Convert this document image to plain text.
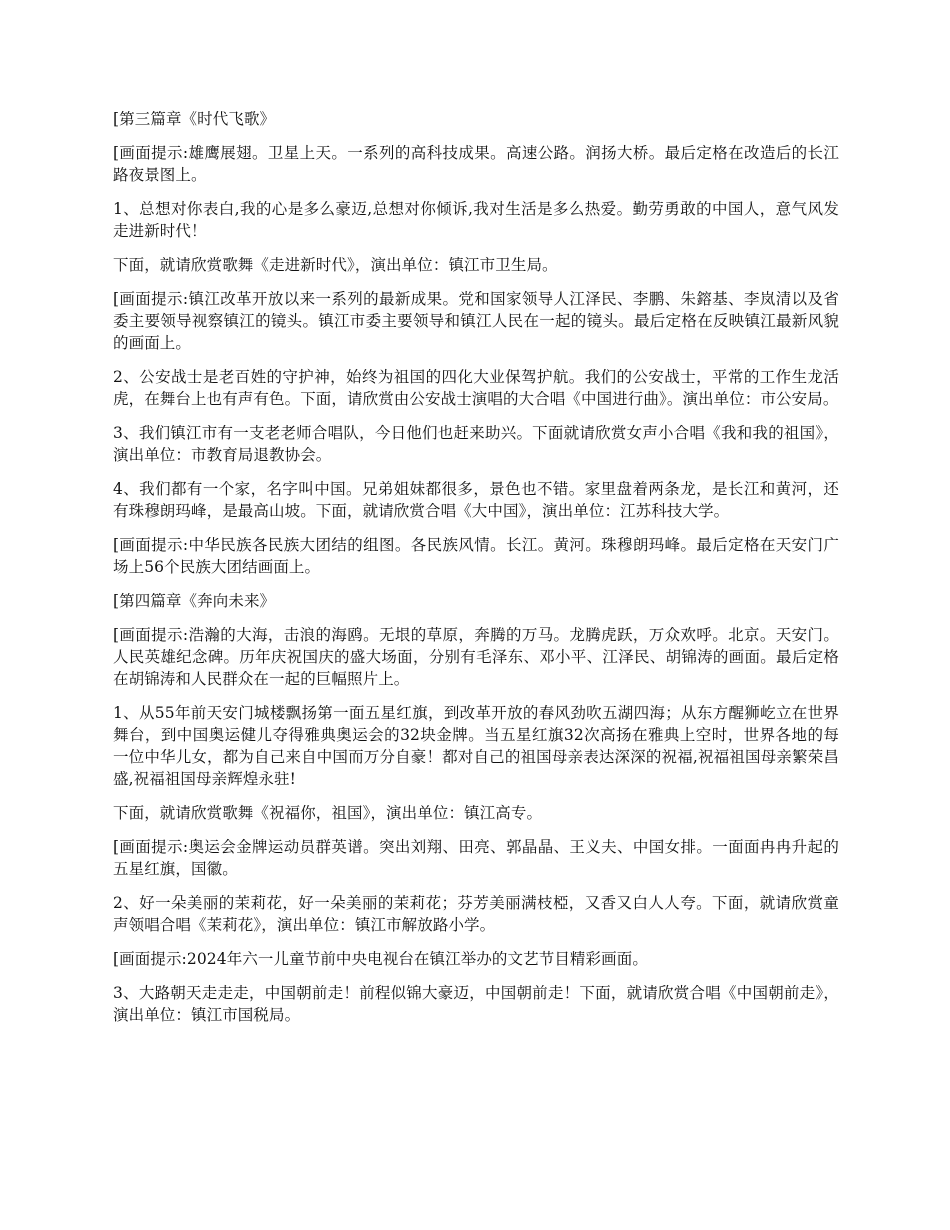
[第三篇章《时代飞歌》

[画面提示:雄鹰展翅。卫星上天。一系列的高科技成果。高速公路。润扬大桥。最后定格在改造后的长江路夜景图上。

1、总想对你表白,我的心是多么豪迈,总想对你倾诉,我对生活是多么热爱。勤劳勇敢的中国人，意气风发走进新时代！

下面，就请欣赏歌舞《走进新时代》，演出单位：镇江市卫生局。

[画面提示:镇江改革开放以来一系列的最新成果。党和国家领导人江泽民、李鹏、朱鎔基、李岚清以及省委主要领导视察镇江的镜头。镇江市委主要领导和镇江人民在一起的镜头。最后定格在反映镇江最新风貌的画面上。

2、公安战士是老百姓的守护神，始终为祖国的四化大业保驾护航。我们的公安战士，平常的工作生龙活虎，在舞台上也有声有色。下面，请欣赏由公安战士演唱的大合唱《中国进行曲》。演出单位：市公安局。

3、我们镇江市有一支老老师合唱队，今日他们也赶来助兴。下面就请欣赏女声小合唱《我和我的祖国》，演出单位：市教育局退教协会。

4、我们都有一个家，名字叫中国。兄弟姐妹都很多，景色也不错。家里盘着两条龙，是长江和黄河，还有珠穆朗玛峰，是最高山坡。下面，就请欣赏合唱《大中国》，演出单位：江苏科技大学。

[画面提示:中华民族各民族大团结的组图。各民族风情。长江。黄河。珠穆朗玛峰。最后定格在天安门广场上56个民族大团结画面上。

[第四篇章《奔向未来》

[画面提示:浩瀚的大海，击浪的海鸥。无垠的草原，奔腾的万马。龙腾虎跃，万众欢呼。北京。天安门。人民英雄纪念碑。历年庆祝国庆的盛大场面，分别有毛泽东、邓小平、江泽民、胡锦涛的画面。最后定格在胡锦涛和人民群众在一起的巨幅照片上。

1、从55年前天安门城楼飘扬第一面五星红旗，到改革开放的春风劲吹五湖四海；从东方醒狮屹立在世界舞台，到中国奥运健儿夺得雅典奥运会的32块金牌。当五星红旗32次高扬在雅典上空时，世界各地的每一位中华儿女，都为自己来自中国而万分自豪！都对自己的祖国母亲表达深深的祝福,祝福祖国母亲繁荣昌盛,祝福祖国母亲辉煌永驻!

下面，就请欣赏歌舞《祝福你，祖国》，演出单位：镇江高专。

[画面提示:奥运会金牌运动员群英谱。突出刘翔、田亮、郭晶晶、王义夫、中国女排。一面面冉冉升起的五星红旗，国徽。

2、好一朵美丽的茉莉花，好一朵美丽的茉莉花；芬芳美丽满枝椏，又香又白人人夸。下面，就请欣赏童声领唱合唱《茉莉花》，演出单位：镇江市解放路小学。

[画面提示:2024年六一儿童节前中央电视台在镇江举办的文艺节目精彩画面。

3、大路朝天走走走，中国朝前走！前程似锦大豪迈，中国朝前走！下面，就请欣赏合唱《中国朝前走》，演出单位：镇江市国税局。
